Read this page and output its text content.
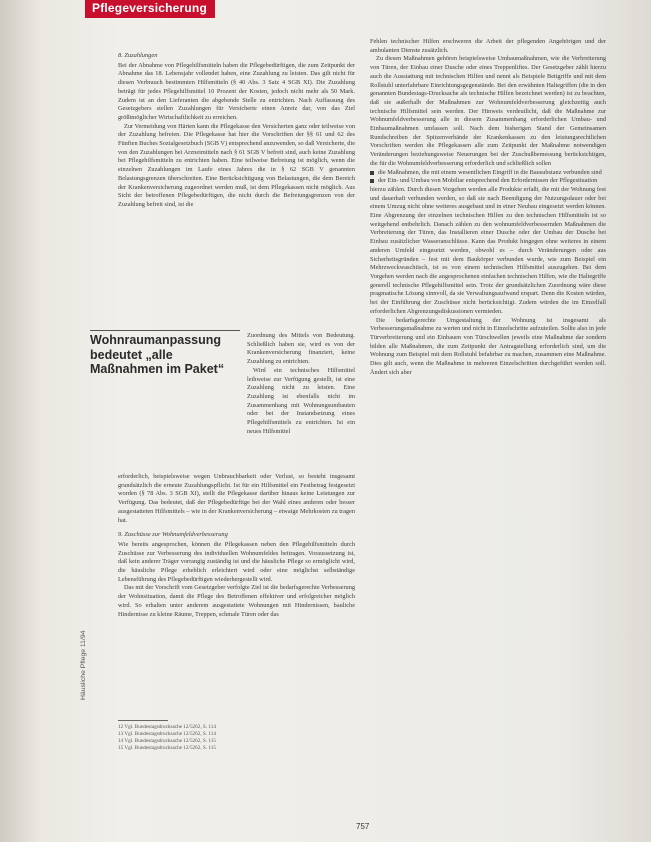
Pflegeversicherung
8. Zuzahlungen

Bei der Abnahme von Pflegehilfsmitteln haben die Pflegebedürftigen, die zum Zeitpunkt der Abnahme das 18. Lebensjahr vollendet haben, eine Zuzahlung zu leisten. Das gilt nicht für diesen Verbrauch bestimmten Hilfsmitteln (§ 40 Abs. 3 Satz 4 SGB XI). Die Zuzahlung beträgt für jedes Pflegehilfsmittel 10 Prozent der Kosten, jedoch nicht mehr als 50 Mark. Zudem ist an den Lieferanten die abgebende Stelle zu entrichten. Nach Auffassung des Gesetzgebers stellen Zuzahlungen für Versicherte einen Anreiz dar, von das Ziel größtmöglicher Wirtschaftlichkeit zu erreichen.

Zur Vermeidung von Härten kann die Pflegekasse den Versicherten ganz oder teilweise von der Zuzahlung befreien. Die Pflegekasse hat hier die Vorschriften der §§ 61 und 62 des Fünften Buches Sozialgesetzbuch (SGB V) entsprechend anzuwenden, so daß Versicherte, die von den Zuzahlungen bei Arzneimitteln nach § 61 SGB V befreit sind, auch keine Zuzahlung bei Pflegehilfsmitteln zu entrichten haben. Eine teilweise Befreiung ist möglich, wenn die einzelnen Zuzahlungen im Laufe eines Jahres die in § 62 SGB V genannten Belastungsgrenzen überschreiten. Eine Berücksichtigung von Belastungen, die dem Bereich der Krankenversicherung zugeordnet werden muß, ist dem Pflegekassen nicht möglich. Aus Sicht der betroffenen Pflegebedürftigen, die nicht durch die Befreiungsgrenzen von der Zuzahlung befreit sind, ist die

Wohnraumanpassung bedeutet „alle Maßnahmen im Paket“

Zuordnung des Mittels von Bedeutung. Schließlich haben sie, wird es von der Krankenversicherung finanziert, keine Zuzahlung zu entrichten.

Wird ein technisches Hilfsmittel leihweise zur Verfügung gestellt, ist eine Zuzahlung nicht zu leisten. Eine Zuzahlung ist ebenfalls nicht im Zusammenhang mit Wohnungsumbauten oder bei der Instandsetzung eines Pflegehilfsmittels zu entrichten. Ist ein neues Hilfsmittel

erforderlich, beispielsweise wegen Unbrauchbarkeit oder Verlust, so besteht insgesamt grundsätzlich die erneute Zuzahlungspflicht. Ist für ein Hilfsmittel ein Festbetrag festgesetzt worden (§ 78 Abs. 3 SGB XI), stellt die Pflegekasse darüber hinaus keine Leistungen zur Verfügung. Das bedeutet, daß der Pflegebedürftige bei der Wahl eines anderen oder besser ausgestatteten Hilfsmittels – wie in der Krankenversicherung – etwaige Mehrkosten zu tragen hat.

9. Zuschüsse zur Wohnumfeldverbesserung

Wie bereits angesprochen, können die Pflegekassen neben den Pflegehilfsmitteln durch Zuschüsse zur Verbesserung des individuellen Wohnumfeldes beitragen. Voraussetzung ist, daß kein anderer Träger vorrangig zuständig ist und die häusliche Pflege so ermöglicht wird, die häusliche Pflege erheblich erleichtert wird oder eine möglichst selbständige Lebensführung des Pflegebedürftigen wiederhergestellt wird.

Das mit der Vorschrift vom Gesetzgeber verfolgte Ziel ist die bedarfsgerechte Verbesserung der Wohnsituation, damit die Pflege des Betroffenen effektiver und erfolgreicher möglich wird. So erhalten unter anderem ausgestattete Wohnungen mit Hindernissen, bauliche Hindernisse zu kleine Räume, Treppen, schmale Türen oder das

12 Vgl. Bundestagsdrucksache 12/5262, S. 114
13 Vgl. Bundestagsdrucksache 12/5262, S. 114
14 Vgl. Bundestagsdrucksache 12/5262, S. 115
15 Vgl. Bundestagsdrucksache 12/5262, S. 115

Fehlen technischer Hilfen erschweren die Arbeit der pflegenden Angehörigen und der ambulanten Dienste zusätzlich.

Zu diesen Maßnahmen gehören beispielsweise Umbaumaßnahmen, wie die Verbreiterung von Türen, der Einbau einer Dusche oder eines Treppenliftes. Der Gesetzgeber zählt hierzu auch die Ausstattung mit technischen Hilfen und nennt als Beispiele Bettgriffe und mit dem Rollstuhl unterfahrbare Einrichtungsgegenstände. Bei den erwähnten Haltegriffen (die in den genannten Bundestags-Drucksache als technische Hilfen bezeichnet werden) ist zu beachten, daß sie außerhalb der Maßnahmen zur Wohnumfeldverbesserung gleichzeitig auch technische Hilfsmittel sein werden. Der Hinweis verdeutlicht, daß die Maßnahme zur Wohnumfeldverbesserung alle in diesem Zusammenhang erforderlichen Umbau- und Einbaumaßnahmen umfassen soll. Nach dem bisherigen Stand der Gemeinsamen Rundschreiben der Spitzenverbände der Krankenkassen zu den leistungsrechtlichen Vorschriften werden die Pflegekassen alle zum Zeitpunkt der Maßnahme notwendigen Veränderungen beziehungsweise Neuerungen bei der Zuschußbemessung berücksichtigen, die für die Wohnumfeldverbesserung erforderlich und schließlich sollen

die Maßnahmen, die mit einem wesentlichen Eingriff in die Bausubstanz verbunden sind

der Ein- und Umbau von Mobiliar entsprechend den Erfordernissen der Pflegesituation

hierzu zählen. Durch diesen Vorgehen werden alle Produkte erfaßt, die mit der Wohnung fest und dauerhaft verbunden werden, so daß sie nach Beendigung der Nutzungsdauer oder bei einem Umzug nicht ohne weiteres ausgebaut und in einer Neubau eingesetzt werden können. Eine Abgrenzung der einzelnen technischen Hilfen zu den technischen Hilfsmitteln ist so weitgehend entbehrlich. Danach zählen zu den wohnumfeldverbessernden Maßnahmen die Verbreiterung der Türen, das Installieren einer Dusche oder der Umbau der Dusche bei Einbau zusätzlicher Wasseranschlüsse. Kann das Produkt hingegen ohne weiteres in einem anderen Umfeld eingesetzt werden, obwohl es – durch Veränderungen oder aus Sicherheitsgründen – fest mit dem Baukörper verbunden wurde, wie zum Beispiel ein Mehrzweckwaschtisch, ist es von einem technischen Hilfsmittel auszugehen. Bei dem Vorgehen werden nach die angesprochenen einfachen technischen Hilfen, wie die Haltegriffe generell technische Pflegehilfsmittel sein. Trotz der grundsätzlichen Zuordnung wäre diese pragmatische Lösung sinnvoll, da sie Verwaltungsaufwand erspart. Denn die Kosten würden, bei der Einführung der Zuschüsse nicht berücksichtigt. Zudem würden die im Einzelfall erforderlichen Abgrenzungsdiskussionen vermieden.

Die bedarfsgerechte Umgestaltung der Wohnung ist insgesamt als Verbesserungsmaßnahme zu werten und nicht in Einzelschritte aufzuteilen. Sollte also in jede Türverbreiterung und ein Einbauen von Türschwellen jeweils eine Maßnahme dar sondern bilden alle Maßnahmen, die zum Zeitpunkt der Antragstellung erforderlich sind, um die Wohnung zum Beispiel mit dem Rollstuhl befahrbar zu machen, zusammen eine Maßnahme. Dies gilt auch, wenn die Maßnahme in mehreren Einzelschritten durchgeführt werden soll. Ändert sich aber

Häusliche Pflege 11/94
757
